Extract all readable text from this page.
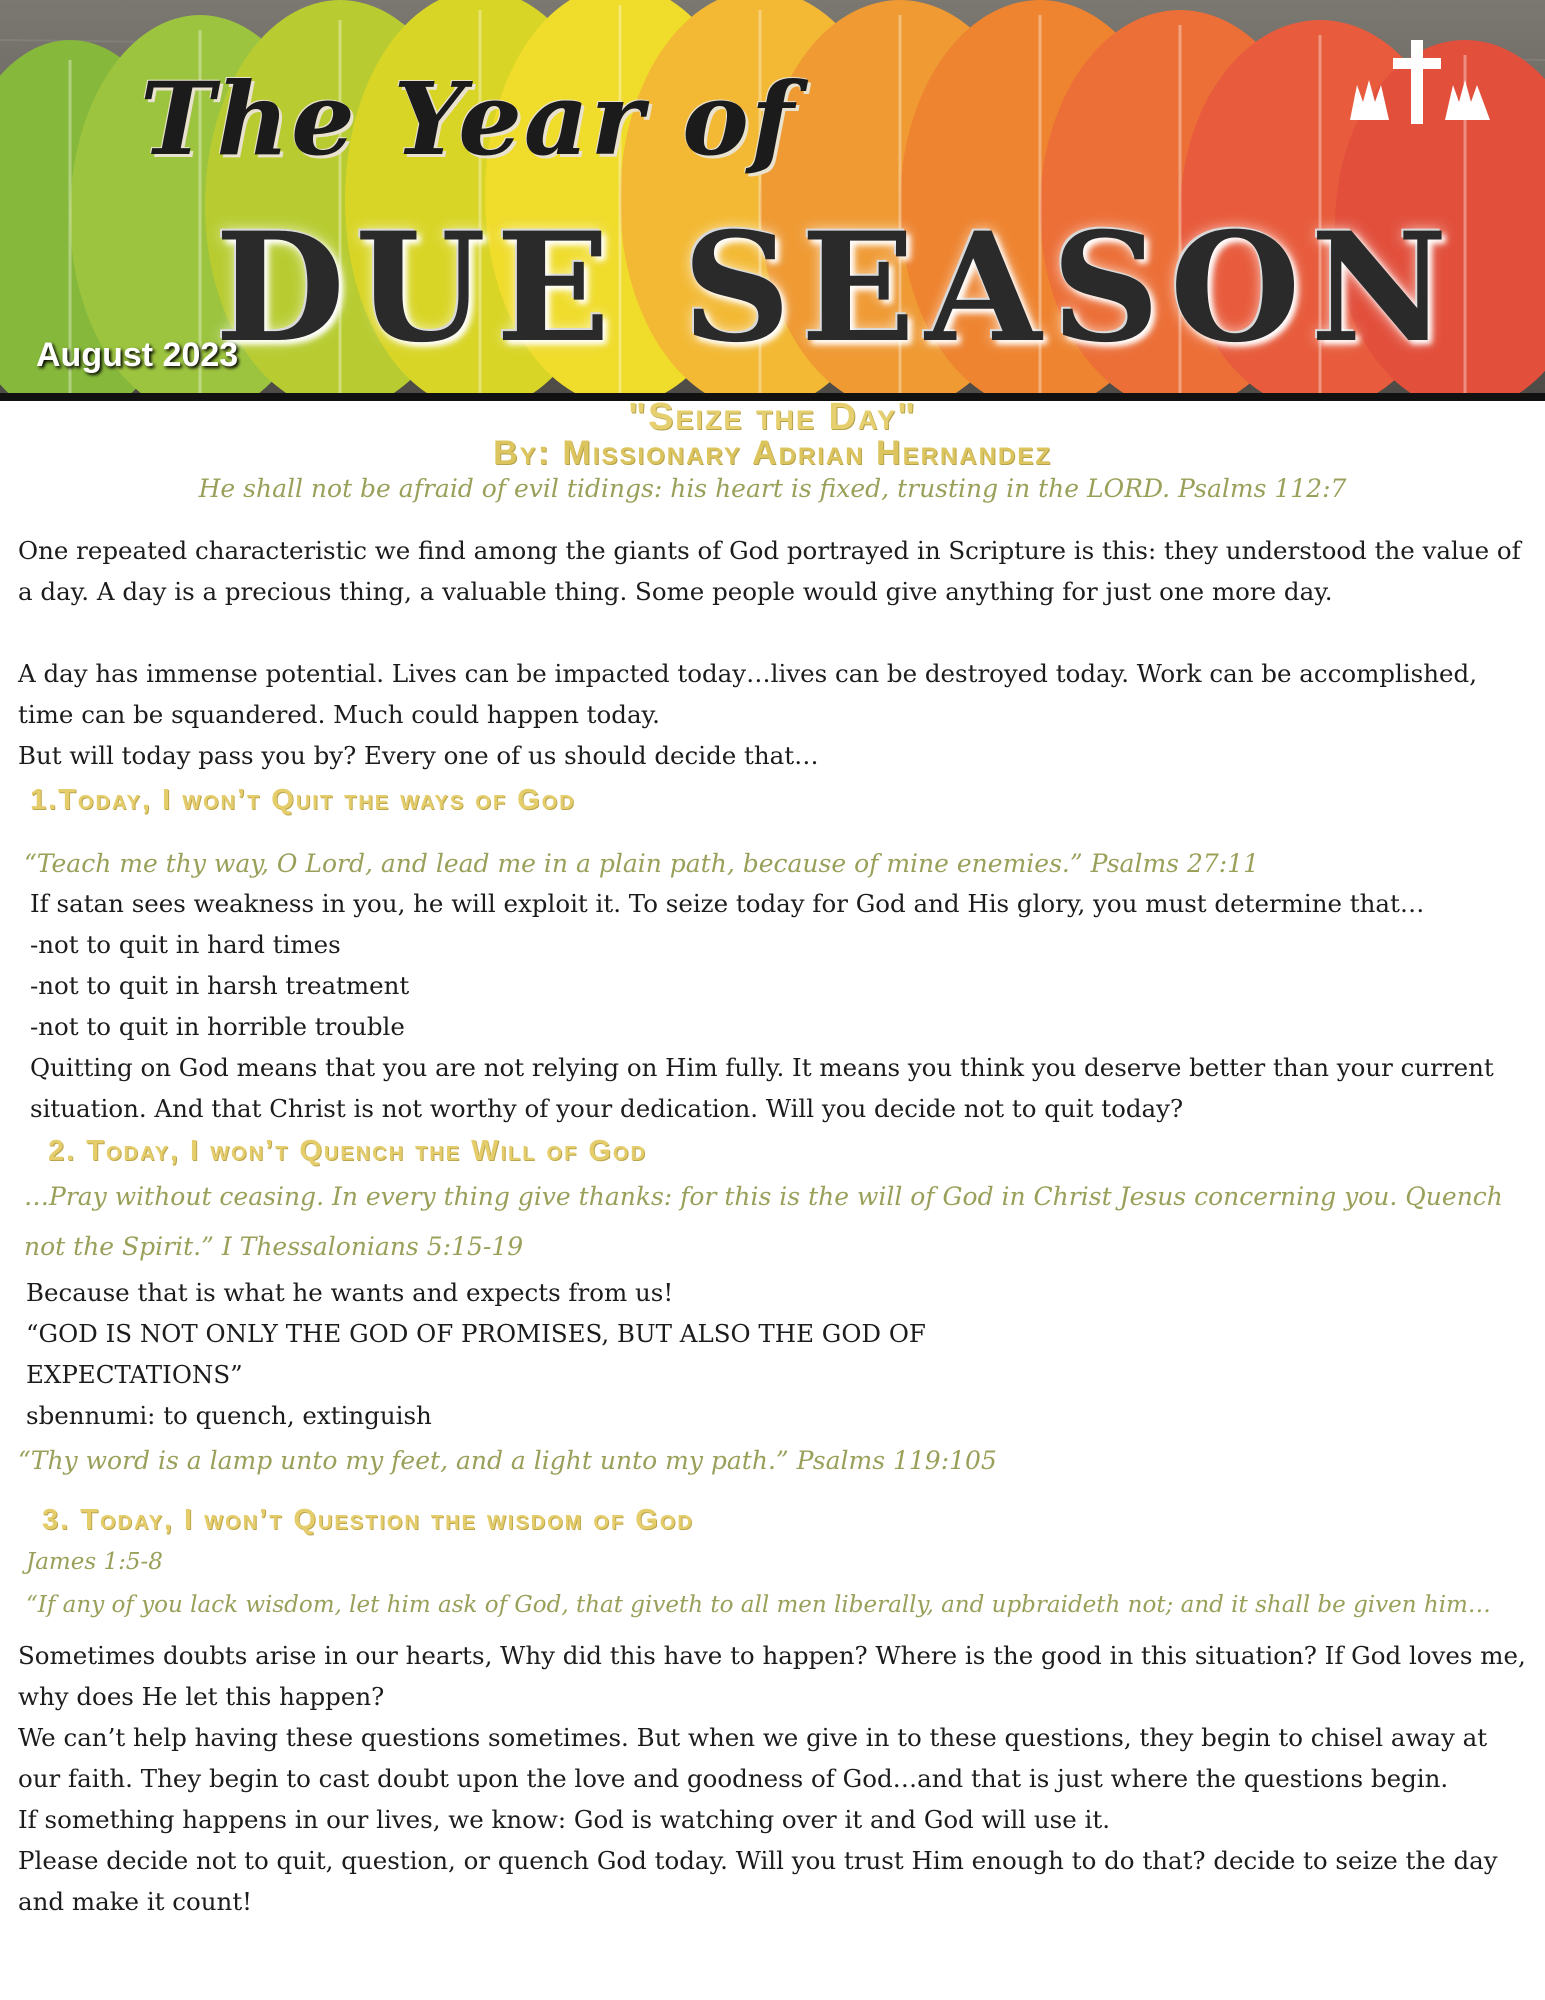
The Year of
DUE SEASON
August 2023
"Seize the Day"
By: Missionary Adrian Hernandez
He shall not be afraid of evil tidings: his heart is fixed, trusting in the LORD. Psalms 112:7

One repeated characteristic we find among the giants of God portrayed in Scripture is this: they understood the value of a day. A day is a precious thing, a valuable thing. Some people would give anything for just one more day.

A day has immense potential. Lives can be impacted today…lives can be destroyed today. Work can be accomplished, time can be squandered. Much could happen today.

But will today pass you by? Every one of us should decide that…

1.Today, I won’t Quit the ways of God

“Teach me thy way, O Lord, and lead me in a plain path, because of mine enemies.” Psalms 27:11

If satan sees weakness in you, he will exploit it. To seize today for God and His glory, you must determine that…

-not to quit in hard times

-not to quit in harsh treatment

-not to quit in horrible trouble

Quitting on God means that you are not relying on Him fully. It means you think you deserve better than your current situation. And that Christ is not worthy of your dedication. Will you decide not to quit today?

2. Today, I won’t Quench the Will of God

…Pray without ceasing. In every thing give thanks: for this is the will of God in Christ Jesus concerning you. Quench not the Spirit.” I Thessalonians 5:15-19

Because that is what he wants and expects from us!

“GOD IS NOT ONLY THE GOD OF PROMISES, BUT ALSO THE GOD OF

EXPECTATIONS”

sbennumi: to quench, extinguish

“Thy word is a lamp unto my feet, and a light unto my path.” Psalms 119:105

3. Today, I won’t Question the wisdom of God

James 1:5-8

“If any of you lack wisdom, let him ask of God, that giveth to all men liberally, and upbraideth not; and it shall be given him…

Sometimes doubts arise in our hearts, Why did this have to happen? Where is the good in this situation? If God loves me, why does He let this happen?

We can’t help having these questions sometimes. But when we give in to these questions, they begin to chisel away at our faith. They begin to cast doubt upon the love and goodness of God…and that is just where the questions begin.

If something happens in our lives, we know: God is watching over it and God will use it.

Please decide not to quit, question, or quench God today. Will you trust Him enough to do that? decide to seize the day and make it count!
